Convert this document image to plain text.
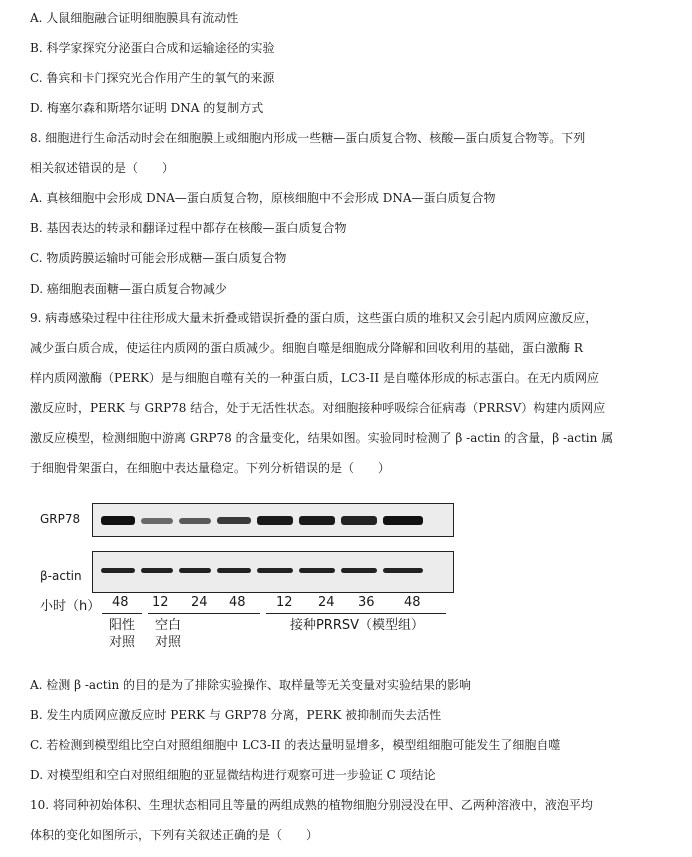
A. 人鼠细胞融合证明细胞膜具有流动性
B. 科学家探究分泌蛋白合成和运输途径的实验
C. 鲁宾和卡门探究光合作用产生的氧气的来源
D. 梅塞尔森和斯塔尔证明 DNA 的复制方式
8. 细胞进行生命活动时会在细胞膜上或细胞内形成一些糖—蛋白质复合物、核酸—蛋白质复合物等。下列
相关叙述错误的是（　　）
A. 真核细胞中会形成 DNA—蛋白质复合物，原核细胞中不会形成 DNA—蛋白质复合物
B. 基因表达的转录和翻译过程中都存在核酸—蛋白质复合物
C. 物质跨膜运输时可能会形成糖—蛋白质复合物
D. 癌细胞表面糖—蛋白质复合物减少
9. 病毒感染过程中往往形成大量未折叠或错误折叠的蛋白质，这些蛋白质的堆积又会引起内质网应激反应，
减少蛋白质合成，使运往内质网的蛋白质减少。细胞自噬是细胞成分降解和回收利用的基础，蛋白激酶 R
样内质网激酶（PERK）是与细胞自噬有关的一种蛋白质，LC3-II 是自噬体形成的标志蛋白。在无内质网应
激反应时，PERK 与 GRP78 结合，处于无活性状态。对细胞接种呼吸综合征病毒（PRRSV）构建内质网应
激反应模型，检测细胞中游离 GRP78 的含量变化，结果如图。实验同时检测了 β -actin 的含量，β -actin 属
于细胞骨架蛋白，在细胞中表达量稳定。下列分析错误的是（　　）
GRP78
β-actin
小时（h） 48 12 24 48 12 24 36 48
阳性
对照
空白
对照
接种PRRSV（模型组）
A. 检测 β -actin 的目的是为了排除实验操作、取样量等无关变量对实验结果的影响
B. 发生内质网应激反应时 PERK 与 GRP78 分离，PERK 被抑制而失去活性
C. 若检测到模型组比空白对照组细胞中 LC3-II 的表达量明显增多，模型组细胞可能发生了细胞自噬
D. 对模型组和空白对照组细胞的亚显微结构进行观察可进一步验证 C 项结论
10. 将同种初始体积、生理状态相同且等量的两组成熟的植物细胞分别浸没在甲、乙两种溶液中，液泡平均
体积的变化如图所示，下列有关叙述正确的是（　　）
